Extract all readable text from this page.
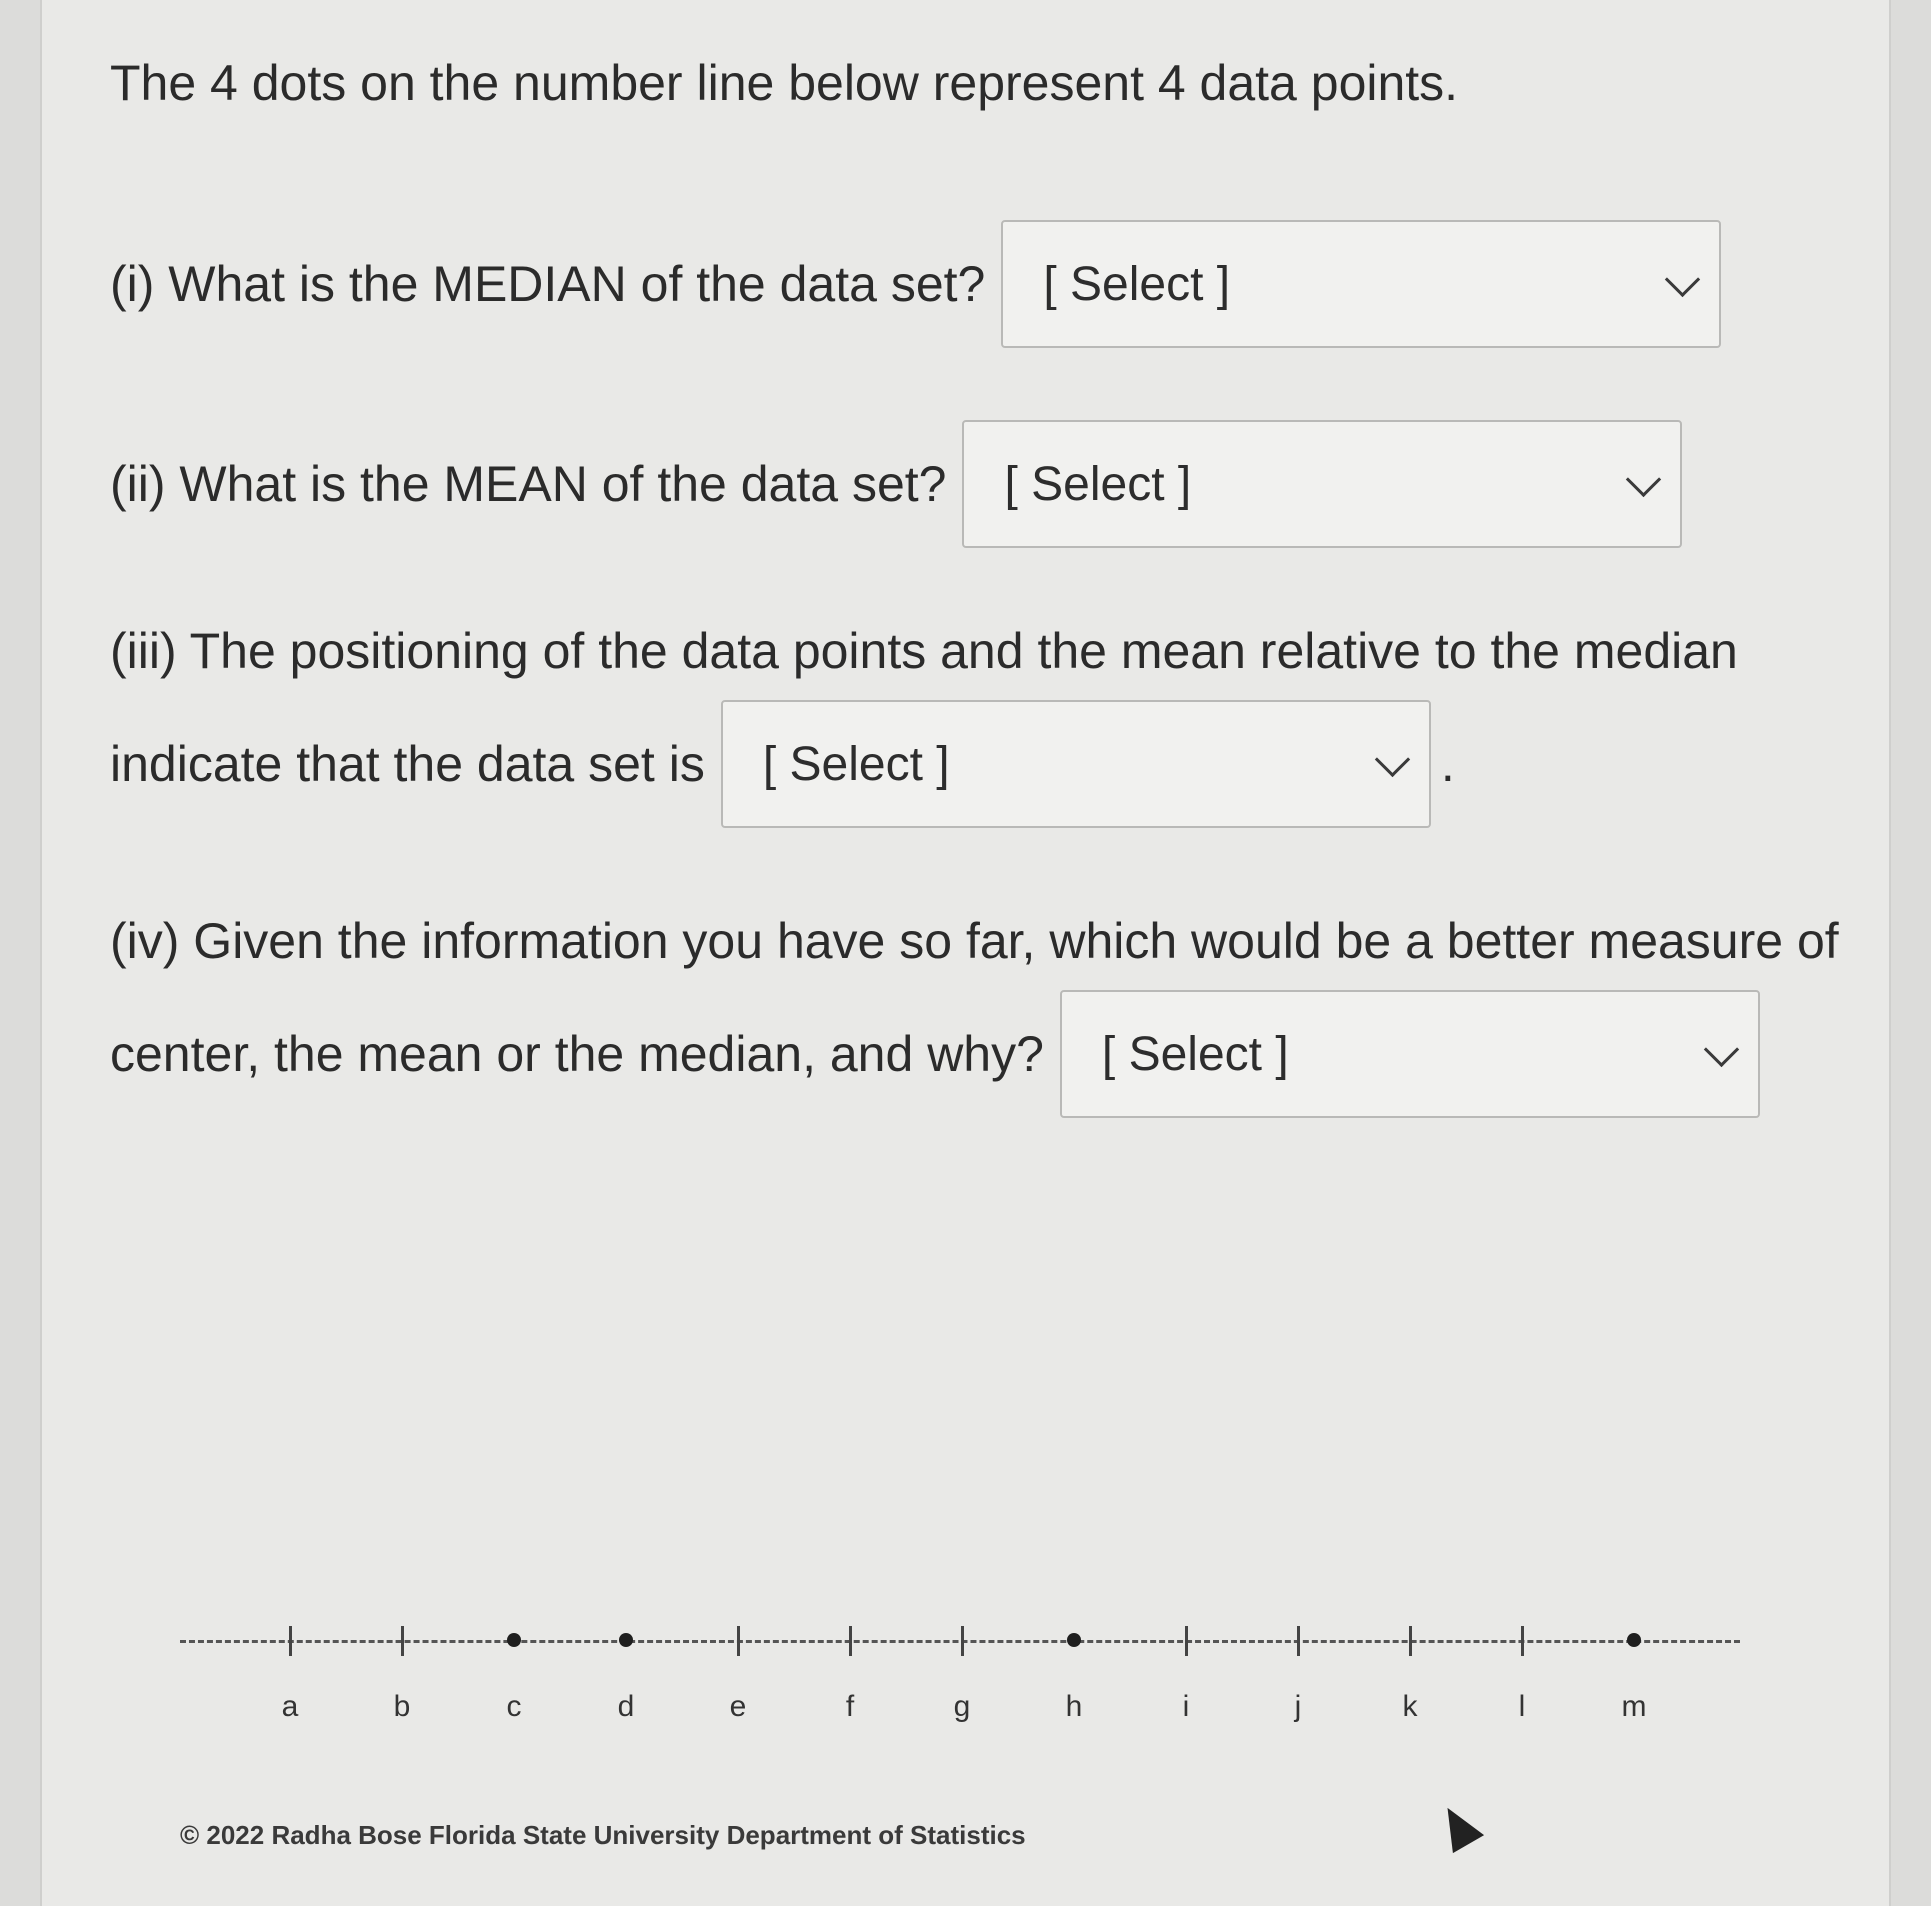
The 4 dots on the number line below represent 4 data points.
(i) What is the MEDIAN of the data set? [ Select ]
(ii) What is the MEAN of the data set? [ Select ]
(iii) The positioning of the data points and the mean relative to the median
indicate that the data set is [ Select ]	.
(iv) Given the information you have so far, which would be a better measure of
center, the mean or the median, and why? [ Select ]
a	b	c	d	e	f	g	h	i	j	k	l	m
© 2022 Radha Bose Florida State University Department of Statistics
